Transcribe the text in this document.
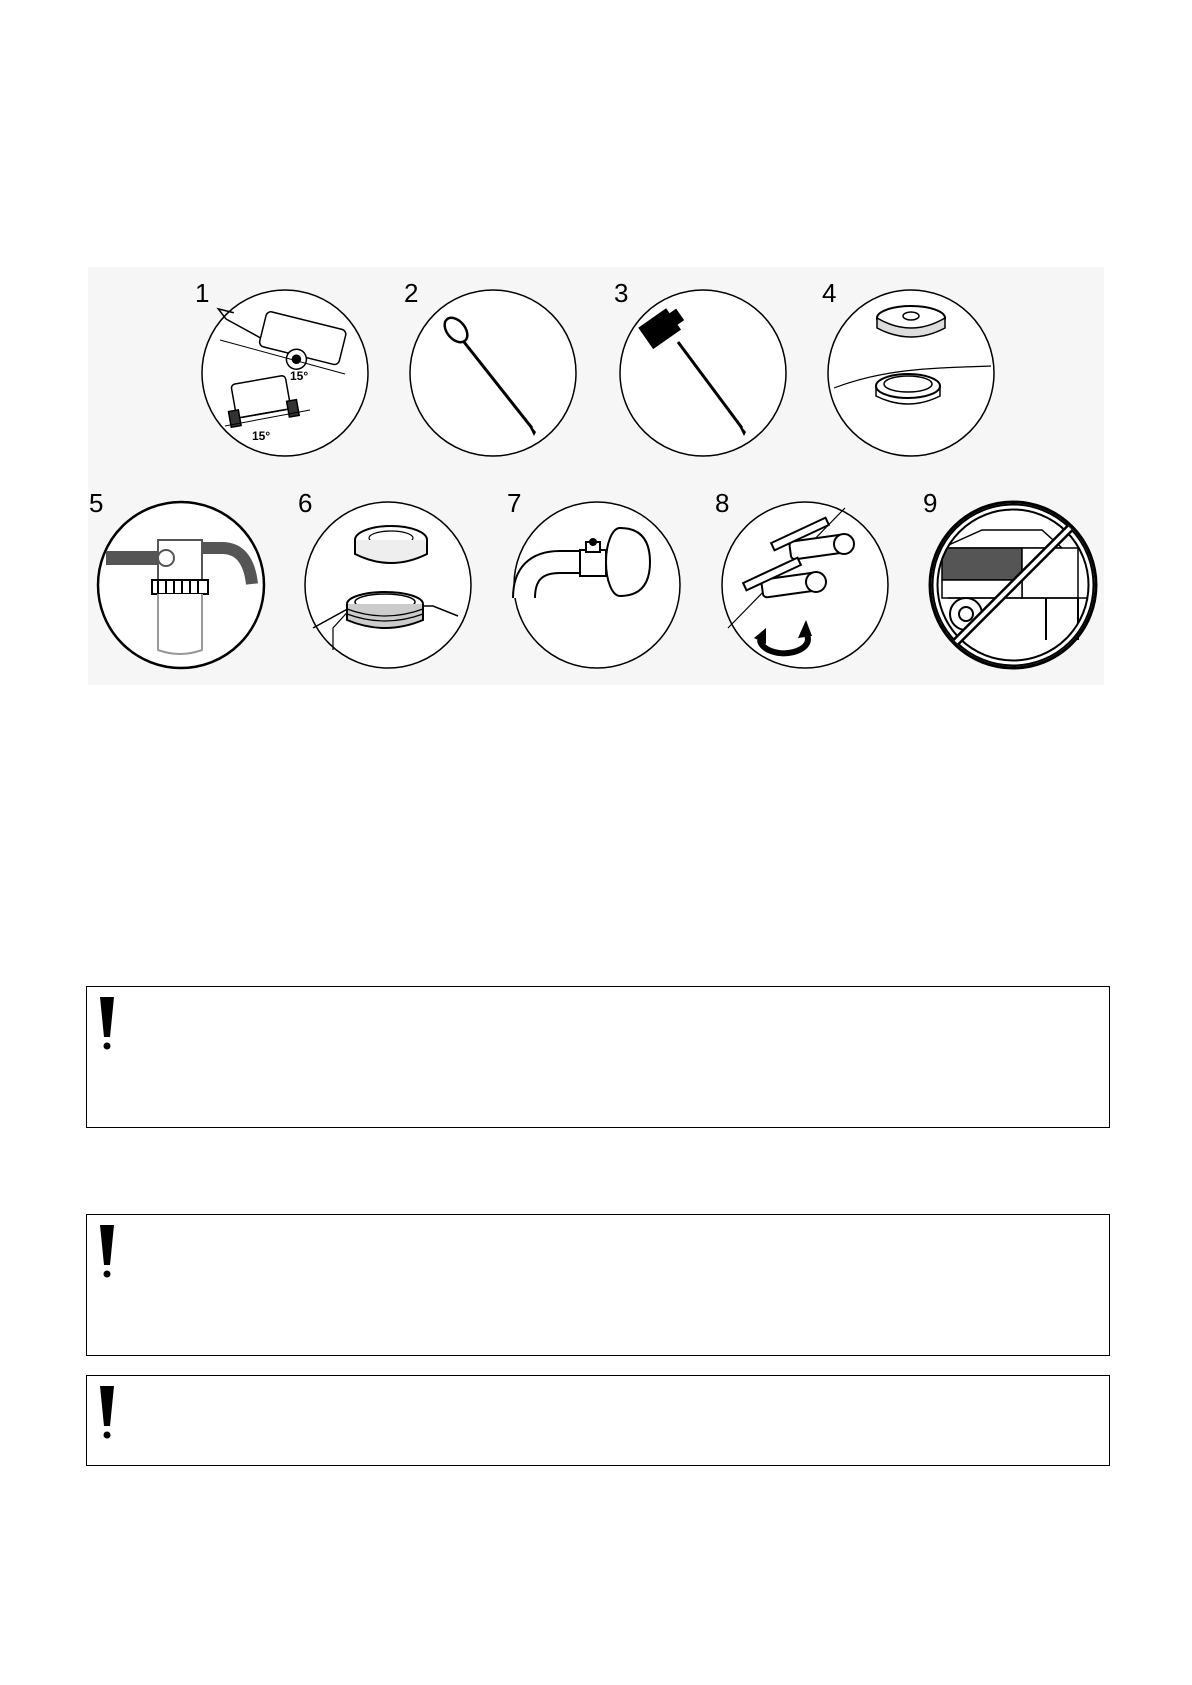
1
15°
15°
2	3	4
5	6	7	8	9
